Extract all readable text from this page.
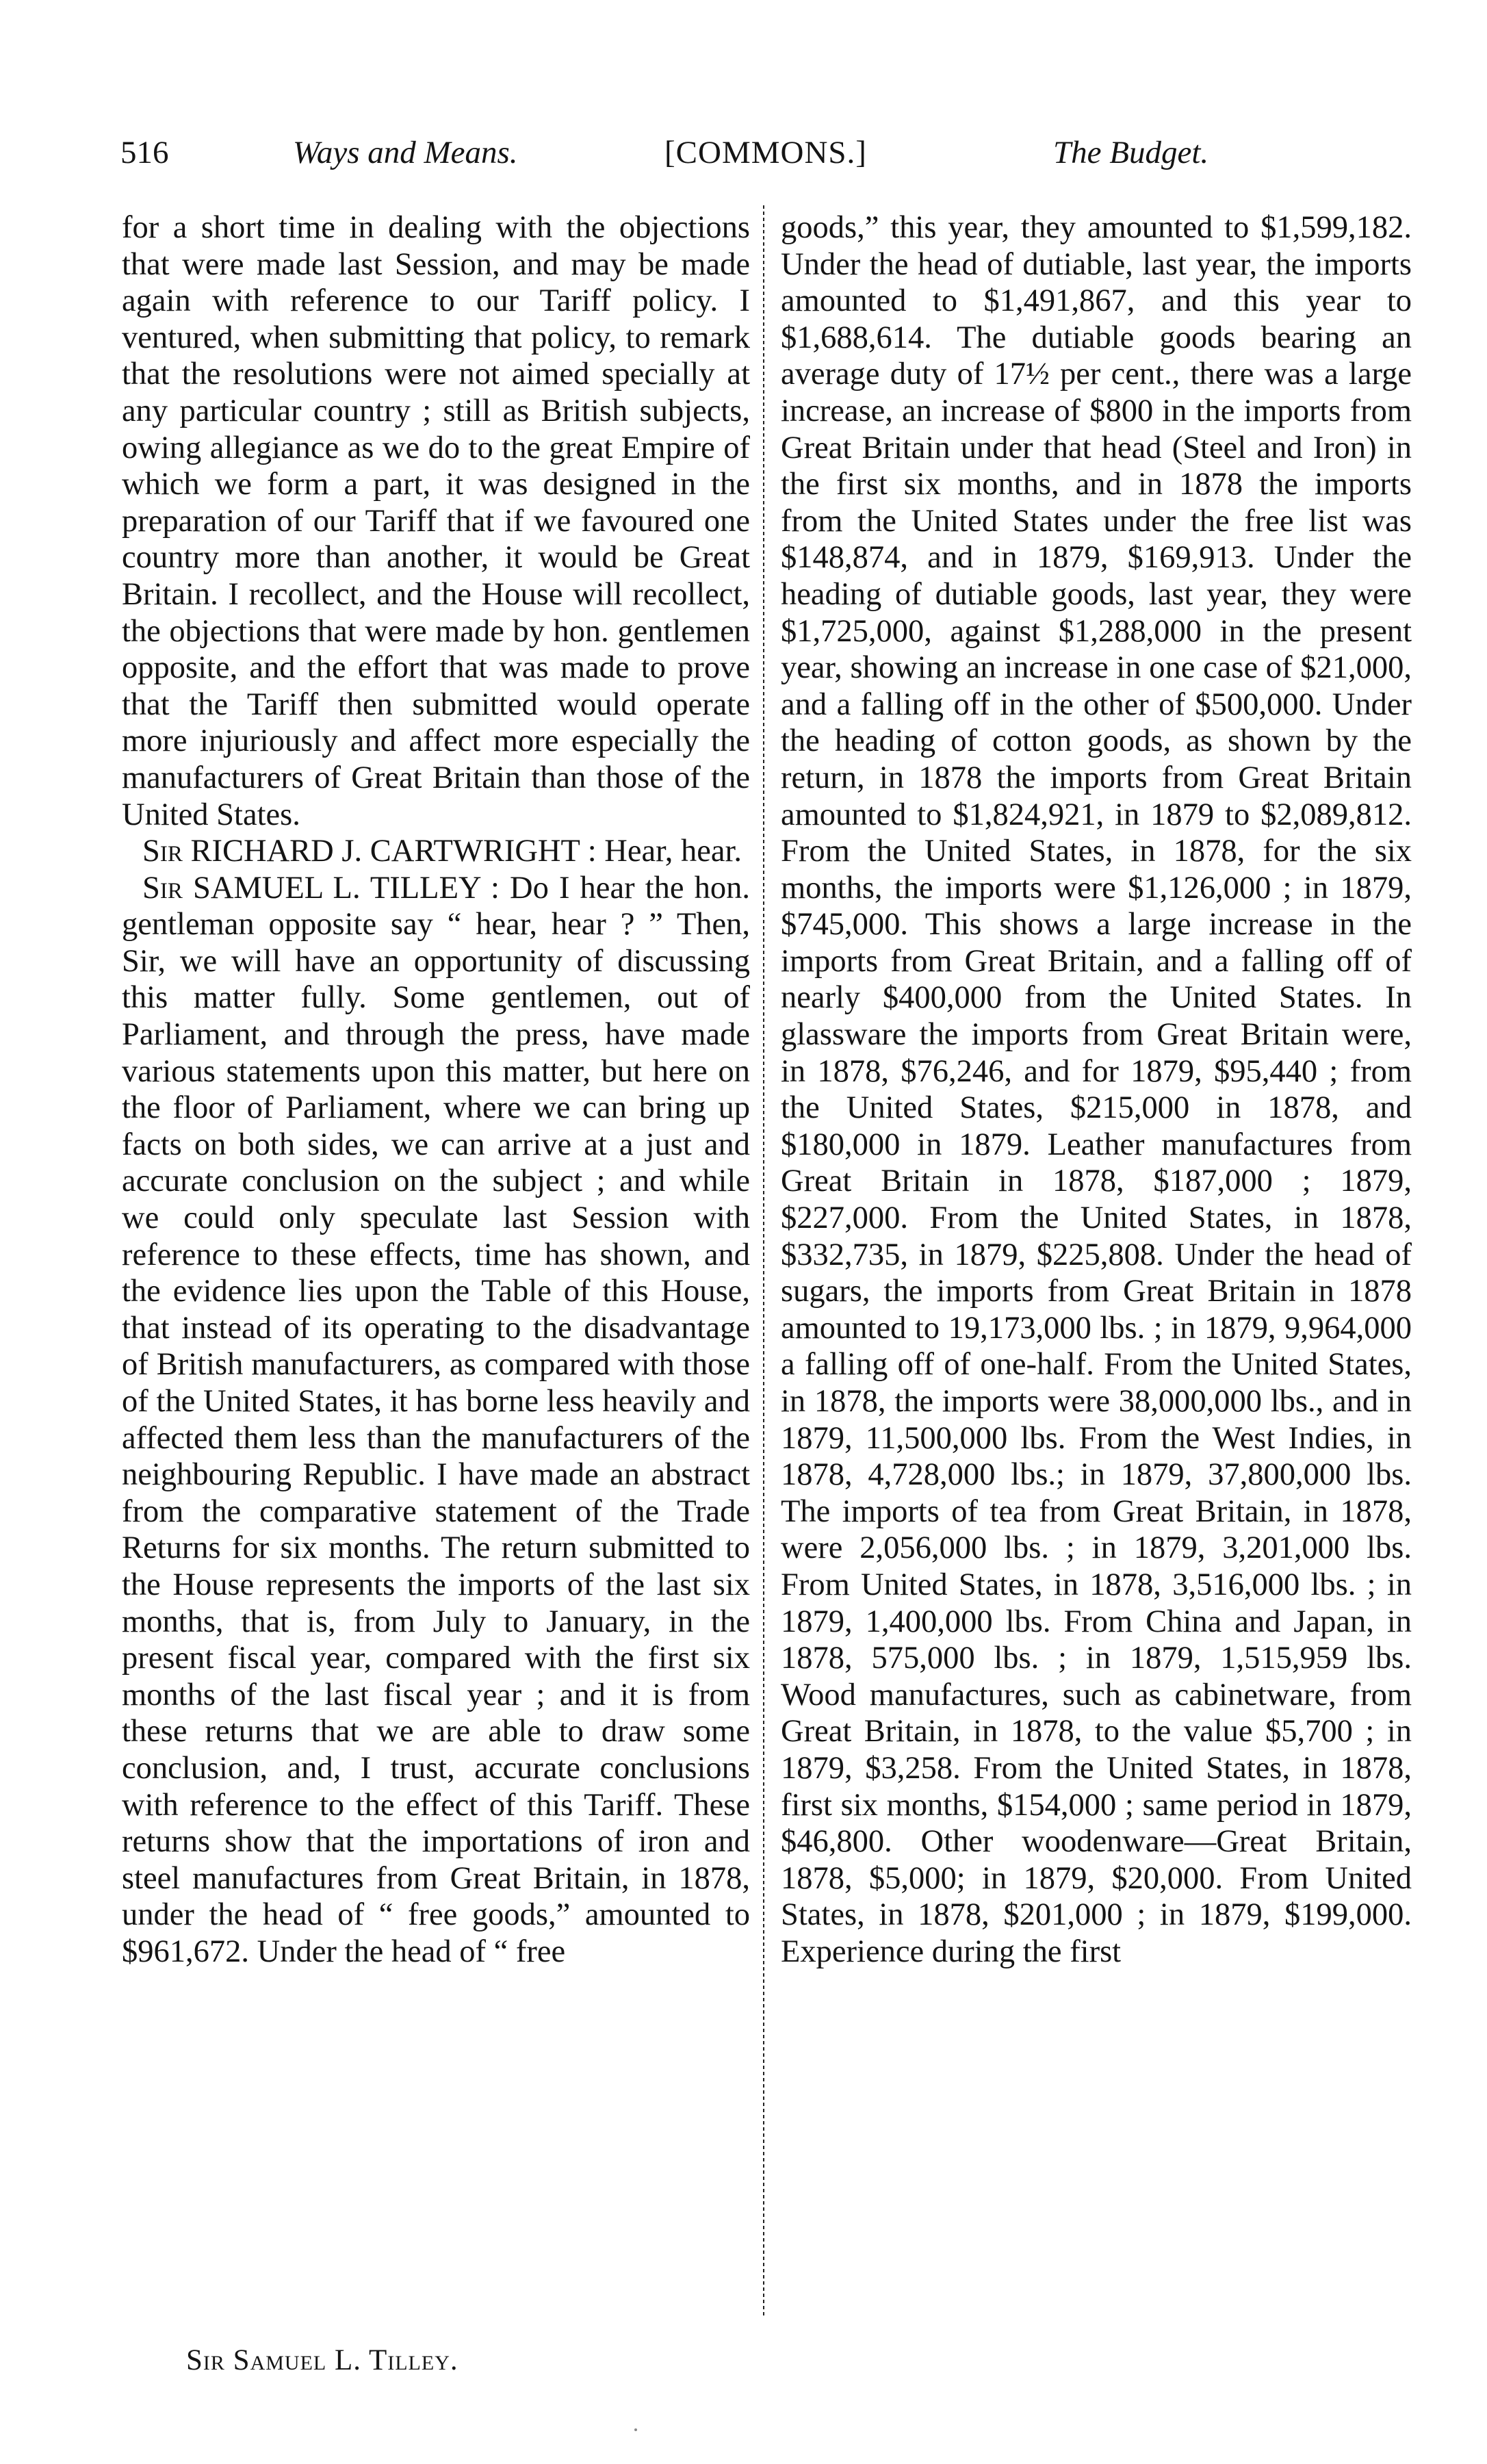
516	Ways and Means.	[COMMONS.]	The Budget.

for a short time in dealing with the objections that were made last Session, and may be made again with reference to our Tariff policy. I ventured, when submitting that policy, to remark that the resolutions were not aimed specially at any particular country ; still as British subjects, owing allegiance as we do to the great Empire of which we form a part, it was designed in the preparation of our Tariff that if we favoured one country more than another, it would be Great Britain. I recollect, and the House will recollect, the objections that were made by hon. gentlemen opposite, and the effort that was made to prove that the Tariff then submitted would operate more injuriously and affect more especially the manufacturers of Great Britain than those of the United States.

Sir RICHARD J. CARTWRIGHT : Hear, hear.

Sir SAMUEL L. TILLEY : Do I hear the hon. gentleman opposite say “ hear, hear ? ” Then, Sir, we will have an opportunity of discussing this matter fully. Some gentlemen, out of Parliament, and through the press, have made various statements upon this matter, but here on the floor of Parliament, where we can bring up facts on both sides, we can arrive at a just and accurate conclusion on the subject ; and while we could only speculate last Session with reference to these effects, time has shown, and the evidence lies upon the Table of this House, that instead of its operating to the disadvantage of British manufacturers, as compared with those of the United States, it has borne less heavily and affected them less than the manufacturers of the neighbouring Republic. I have made an abstract from the comparative statement of the Trade Returns for six months. The return submitted to the House represents the imports of the last six months, that is, from July to January, in the present fiscal year, compared with the first six months of the last fiscal year ; and it is from these returns that we are able to draw some conclusion, and, I trust, accurate conclusions with reference to the effect of this Tariff. These returns show that the importations of iron and steel manufactures from Great Britain, in 1878, under the head of “ free goods,” amounted to $961,672. Under the head of “ free

goods,” this year, they amounted to $1,599,182. Under the head of dutiable, last year, the imports amounted to $1,491,867, and this year to $1,688,614. The dutiable goods bearing an average duty of 17½ per cent., there was a large increase, an increase of $800 in the imports from Great Britain under that head (Steel and Iron) in the first six months, and in 1878 the imports from the United States under the free list was $148,874, and in 1879, $169,913. Under the heading of dutiable goods, last year, they were $1,725,000, against $1,288,000 in the present year, showing an increase in one case of $21,000, and a falling off in the other of $500,000. Under the heading of cotton goods, as shown by the return, in 1878 the imports from Great Britain amounted to $1,824,921, in 1879 to $2,089,812. From the United States, in 1878, for the six months, the imports were $1,126,000 ; in 1879, $745,000. This shows a large increase in the imports from Great Britain, and a falling off of nearly $400,000 from the United States. In glassware the imports from Great Britain were, in 1878, $76,246, and for 1879, $95,440 ; from the United States, $215,000 in 1878, and $180,000 in 1879. Leather manufactures from Great Britain in 1878, $187,000 ; 1879, $227,000. From the United States, in 1878, $332,735, in 1879, $225,808. Under the head of sugars, the imports from Great Britain in 1878 amounted to 19,173,000 lbs. ; in 1879, 9,964,000 a falling off of one-half. From the United States, in 1878, the imports were 38,000,000 lbs., and in 1879, 11,500,000 lbs. From the West Indies, in 1878, 4,728,000 lbs.; in 1879, 37,800,000 lbs. The imports of tea from Great Britain, in 1878, were 2,056,000 lbs. ; in 1879, 3,201,000 lbs. From United States, in 1878, 3,516,000 lbs. ; in 1879, 1,400,000 lbs. From China and Japan, in 1878, 575,000 lbs. ; in 1879, 1,515,959 lbs. Wood manufactures, such as cabinetware, from Great Britain, in 1878, to the value $5,700 ; in 1879, $3,258. From the United States, in 1878, first six months, $154,000 ; same period in 1879, $46,800. Other woodenware—Great Britain, 1878, $5,000; in 1879, $20,000. From United States, in 1878, $201,000 ; in 1879, $199,000. Experience during the first

Sir Samuel L. Tilley.
